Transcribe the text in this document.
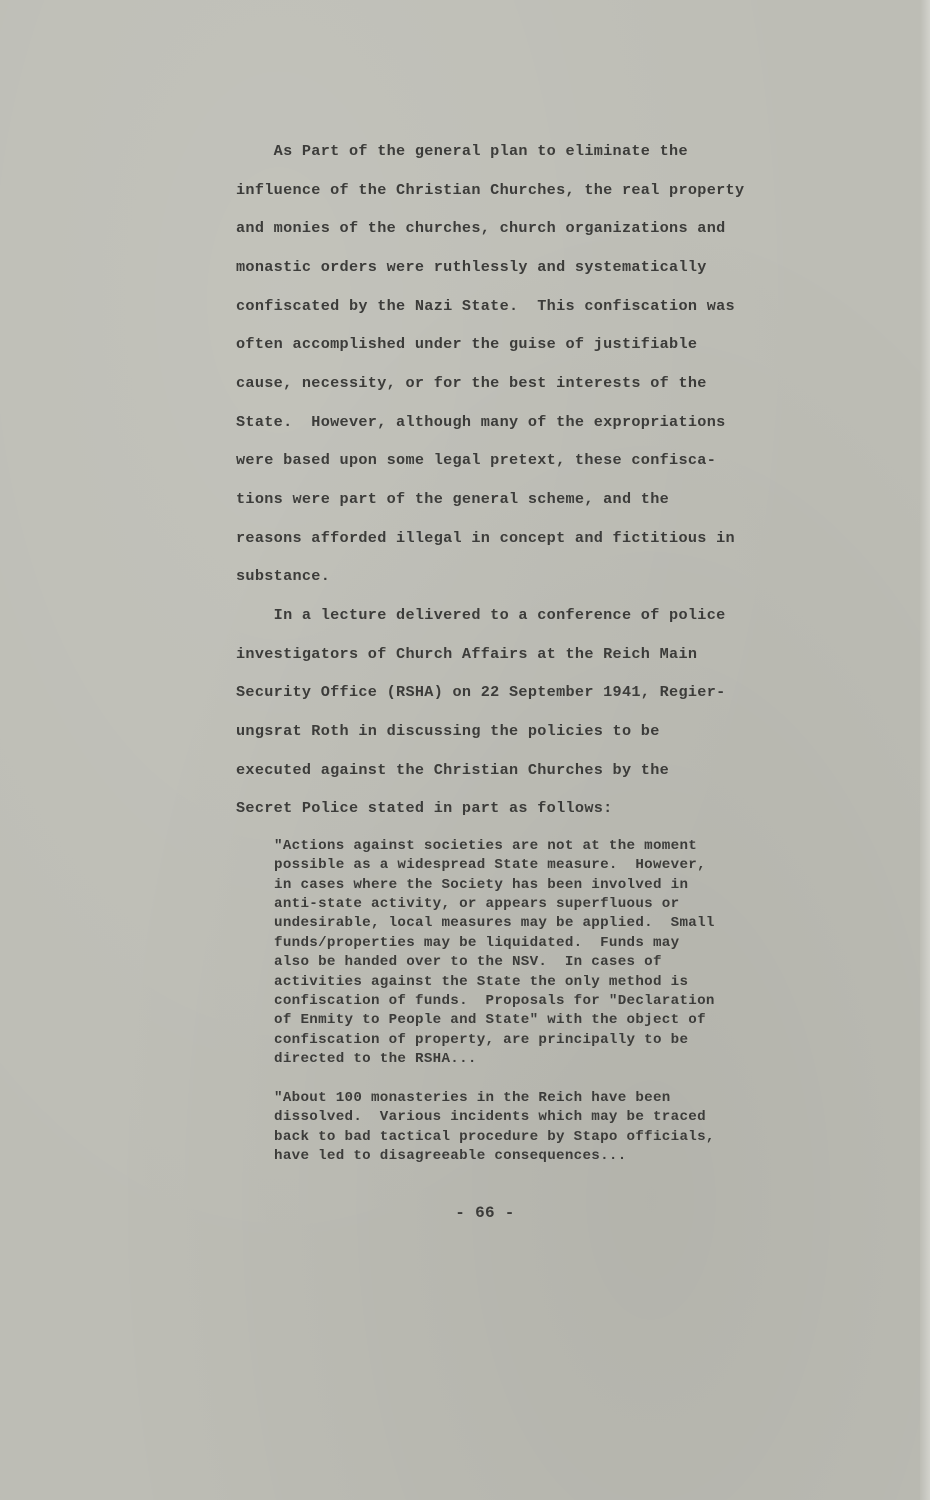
As Part of the general plan to eliminate the
influence of the Christian Churches, the real property
and monies of the churches, church organizations and
monastic orders were ruthlessly and systematically
confiscated by the Nazi State.  This confiscation was
often accomplished under the guise of justifiable
cause, necessity, or for the best interests of the
State.  However, although many of the expropriations
were based upon some legal pretext, these confisca-
tions were part of the general scheme, and the
reasons afforded illegal in concept and fictitious in
substance.
In a lecture delivered to a conference of police
investigators of Church Affairs at the Reich Main
Security Office (RSHA) on 22 September 1941, Regier-
ungsrat Roth in discussing the policies to be
executed against the Christian Churches by the
Secret Police stated in part as follows:
"Actions against societies are not at the moment
possible as a widespread State measure.  However,
in cases where the Society has been involved in
anti-state activity, or appears superfluous or
undesirable, local measures may be applied.  Small
funds/properties may be liquidated.  Funds may
also be handed over to the NSV.  In cases of
activities against the State the only method is
confiscation of funds.  Proposals for "Declaration
of Enmity to People and State" with the object of
confiscation of property, are principally to be
directed to the RSHA...
"About 100 monasteries in the Reich have been
dissolved.  Various incidents which may be traced
back to bad tactical procedure by Stapo officials,
have led to disagreeable consequences...
- 66 -
